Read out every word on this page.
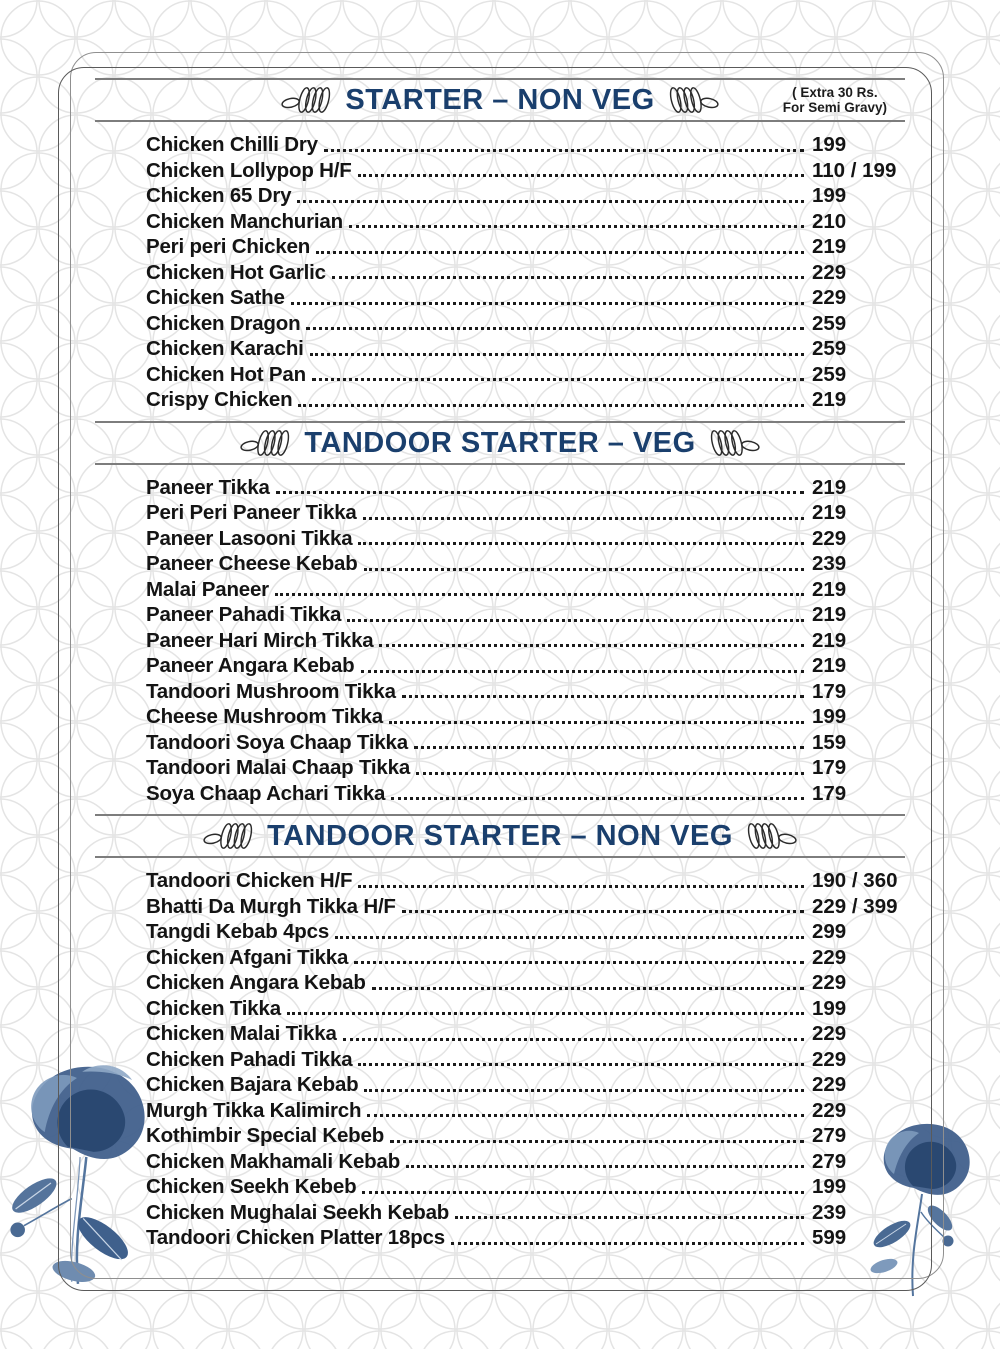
STARTER – NON VEG	( Extra 30 Rs.
For Semi Gravy)
Chicken Chilli Dry	199
Chicken Lollypop H/F	110 / 199
Chicken 65 Dry	199
Chicken Manchurian	210
Peri peri Chicken	219
Chicken Hot Garlic	229
Chicken Sathe	229
Chicken Dragon	259
Chicken Karachi	259
Chicken Hot Pan	259
Crispy Chicken	219
TANDOOR STARTER – VEG
Paneer Tikka	219
Peri Peri Paneer Tikka	219
Paneer Lasooni Tikka	229
Paneer Cheese Kebab	239
Malai Paneer	219
Paneer Pahadi Tikka	219
Paneer Hari Mirch Tikka	219
Paneer Angara Kebab	219
Tandoori Mushroom Tikka	179
Cheese Mushroom Tikka	199
Tandoori Soya Chaap Tikka	159
Tandoori Malai Chaap Tikka	179
Soya Chaap Achari Tikka	179
TANDOOR STARTER – NON VEG
Tandoori Chicken H/F	190 / 360
Bhatti Da Murgh Tikka H/F	229 / 399
Tangdi Kebab 4pcs	299
Chicken Afgani Tikka	229
Chicken Angara Kebab	229
Chicken Tikka	199
Chicken Malai Tikka	229
Chicken Pahadi Tikka	229
Chicken Bajara Kebab	229
Murgh Tikka Kalimirch	229
Kothimbir Special Kebeb	279
Chicken Makhamali Kebab	279
Chicken Seekh Kebeb	199
Chicken Mughalai Seekh Kebab	239
Tandoori Chicken Platter 18pcs	599
